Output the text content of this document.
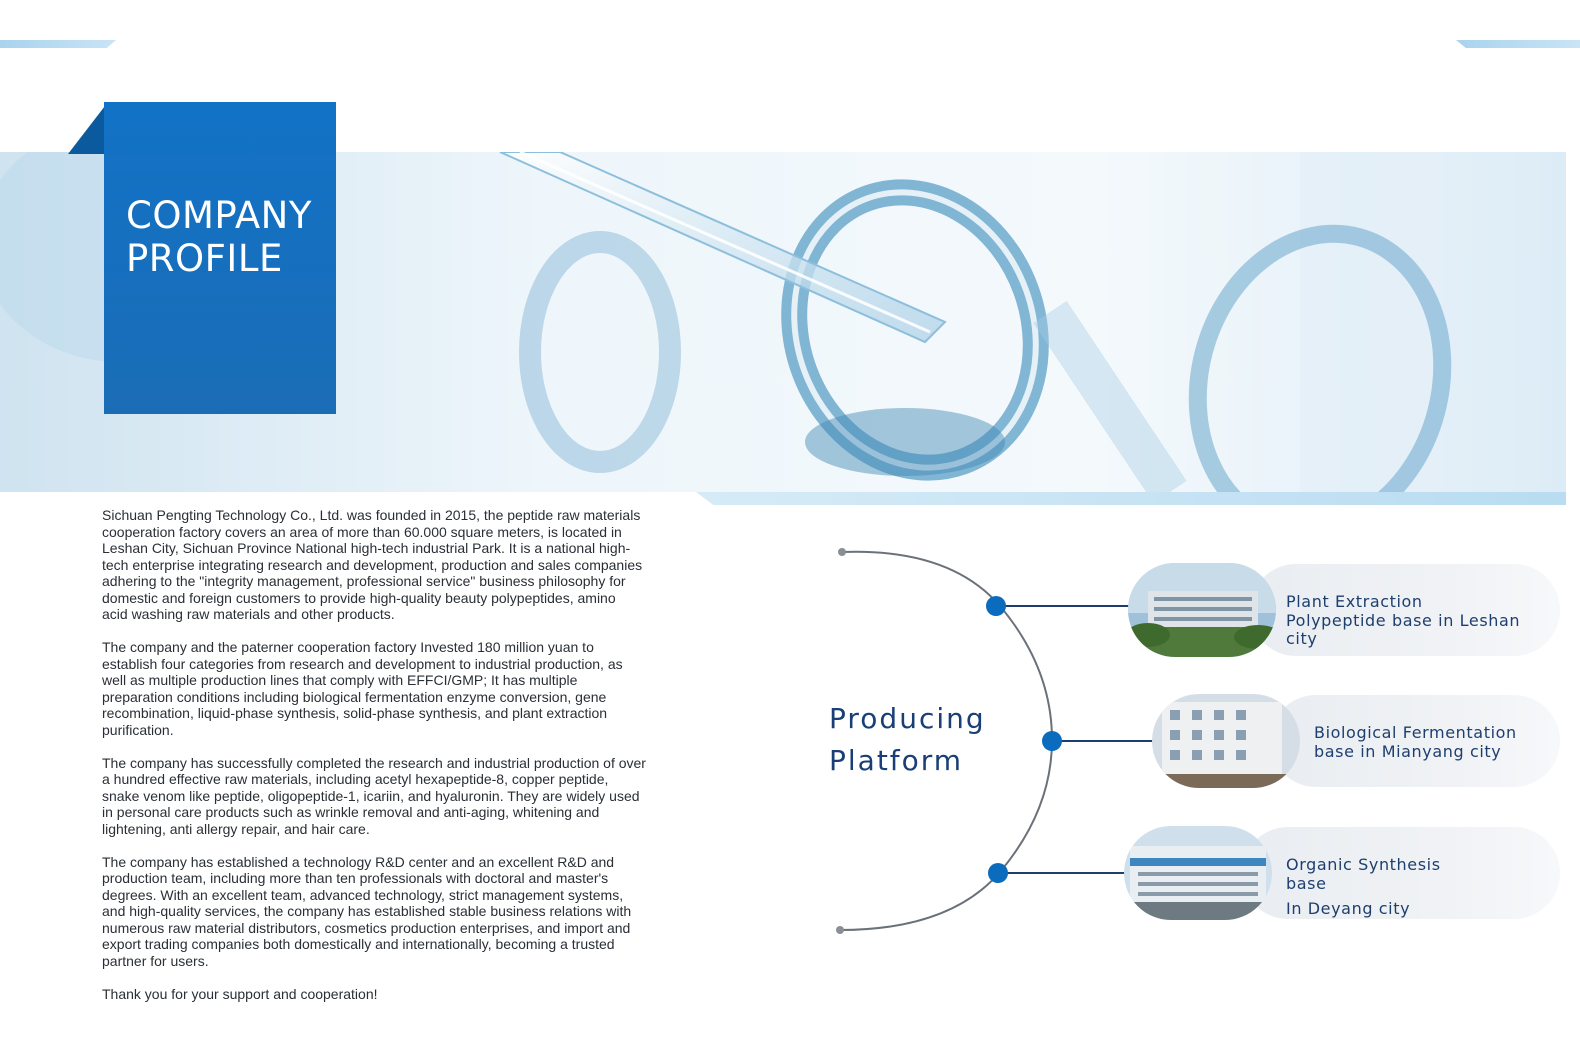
COMPANY
PROFILE

Sichuan Pengting Technology Co., Ltd. was founded in 2015, the peptide raw materials
cooperation factory covers an area of more than 60.000 square meters, is located in
Leshan City, Sichuan Province National high-tech industrial Park. It is a national high-
tech enterprise integrating research and development, production and sales companies
adhering to the "integrity management, professional service" business philosophy for
domestic and foreign customers to provide high-quality beauty polypeptides, amino
acid washing raw materials and other products.

The company and the paterner cooperation factory Invested 180 million yuan to
establish four categories from research and development to industrial production, as
well as multiple production lines that comply with EFFCI/GMP; It has multiple
preparation conditions including biological fermentation enzyme conversion, gene
recombination, liquid-phase synthesis, solid-phase synthesis, and plant extraction
purification.

The company has successfully completed the research and industrial production of over
a hundred effective raw materials, including acetyl hexapeptide-8, copper peptide,
snake venom like peptide, oligopeptide-1, icariin, and hyaluronin. They are widely used
in personal care products such as wrinkle removal and anti-aging, whitening and
lightening, anti allergy repair, and hair care.

The company has established a technology R&D center and an excellent R&D and
production team, including more than ten professionals with doctoral and master's
degrees. With an excellent team, advanced technology, strict management systems,
and high-quality services, the company has established stable business relations with
numerous raw material distributors, cosmetics production enterprises, and import and
export trading companies both domestically and internationally, becoming a trusted
partner for users.

Thank you for your support and cooperation!

Producing
Platform
Plant Extraction
Polypeptide base in Leshan
city
Biological Fermentation
base in Mianyang city
Organic Synthesis
base
In Deyang city
